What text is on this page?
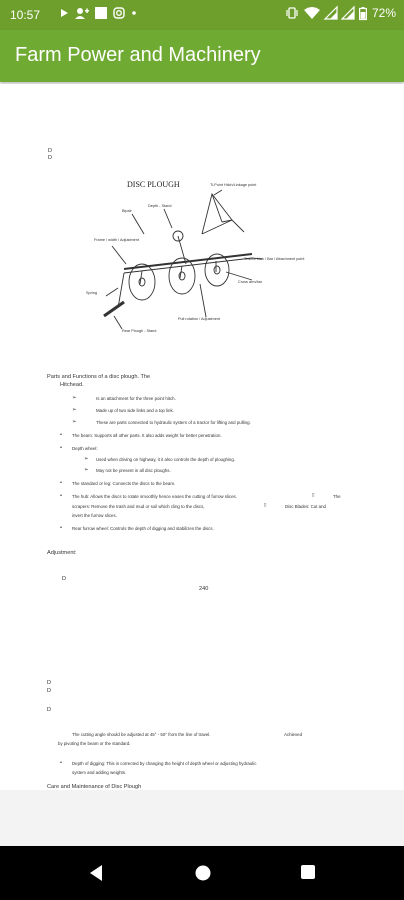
10:57	72%
Farm Power and Machinery
D
D
DISC PLOUGH	Ti-Point Hitch/Linkage point
Depth - Stand
Bipair
Frame / width / Adjustment
Tractor Link / Bar / Attachment point
Spring
Pull rotation / Adjustment
Cross arm/bar
Rear Plough - Stand
Parts and Functions of a disc plough. The
Hitchead.
➢	Is an attachment for the three point hitch.
➢	Made up of two side links and a top link.
➢	These are parts connected to hydraulic system of a tractor for lifting and pulling.
• The beam: Supports all other parts. It also adds weight for better penetration.
• Depth wheel:
➢ Used when driving on highway, it it also controls the depth of ploughing.
➢ May not be present in all disc ploughs.
• The standard or leg: Connects the discs to the beam.
• The hub: Allows the discs to rotate smoothly hence eases the cutting of furrow slices.	▯	The
scrapers: Remove the trash and mud or soil which cling to the discs,	▯	Disc Blades: Cut and
invert the furrow slices.
• Rear furrow wheel: Controls the depth of digging and stabilizes the discs.
Adjustment:
D
240
D
D
D
The cutting angle should be adjusted at 45° - 50° from the line of travel.	Achieved
by pivoting the beam or the standard.
• Depth of digging: This is corrected by changing the height of depth wheel or adjusting hydraulic
system and adding weights.
Care and Maintenance of Disc Plough
